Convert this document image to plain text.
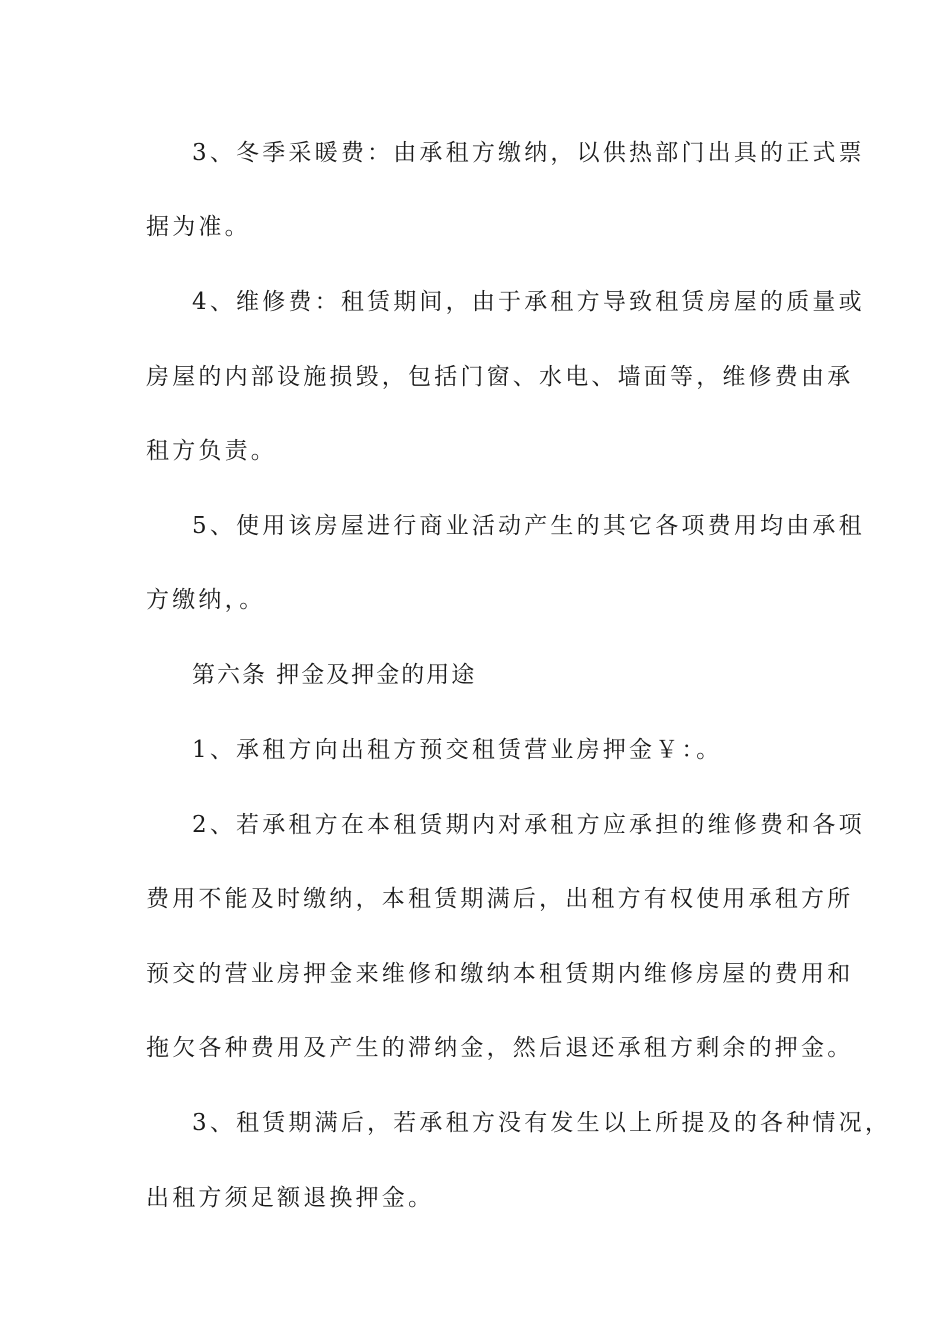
3、冬季采暖费：由承租方缴纳，以供热部门出具的正式票
据为准。
4、维修费：租赁期间，由于承租方导致租赁房屋的质量或
房屋的内部设施损毁，包括门窗、水电、墙面等，维修费由承
租方负责。
5、使用该房屋进行商业活动产生的其它各项费用均由承租
方缴纳，。
第六条 押金及押金的用途
1、承租方向出租方预交租赁营业房押金￥：。
2、若承租方在本租赁期内对承租方应承担的维修费和各项
费用不能及时缴纳，本租赁期满后，出租方有权使用承租方所
预交的营业房押金来维修和缴纳本租赁期内维修房屋的费用和
拖欠各种费用及产生的滞纳金，然后退还承租方剩余的押金。
3、租赁期满后，若承租方没有发生以上所提及的各种情况，
出租方须足额退换押金。
